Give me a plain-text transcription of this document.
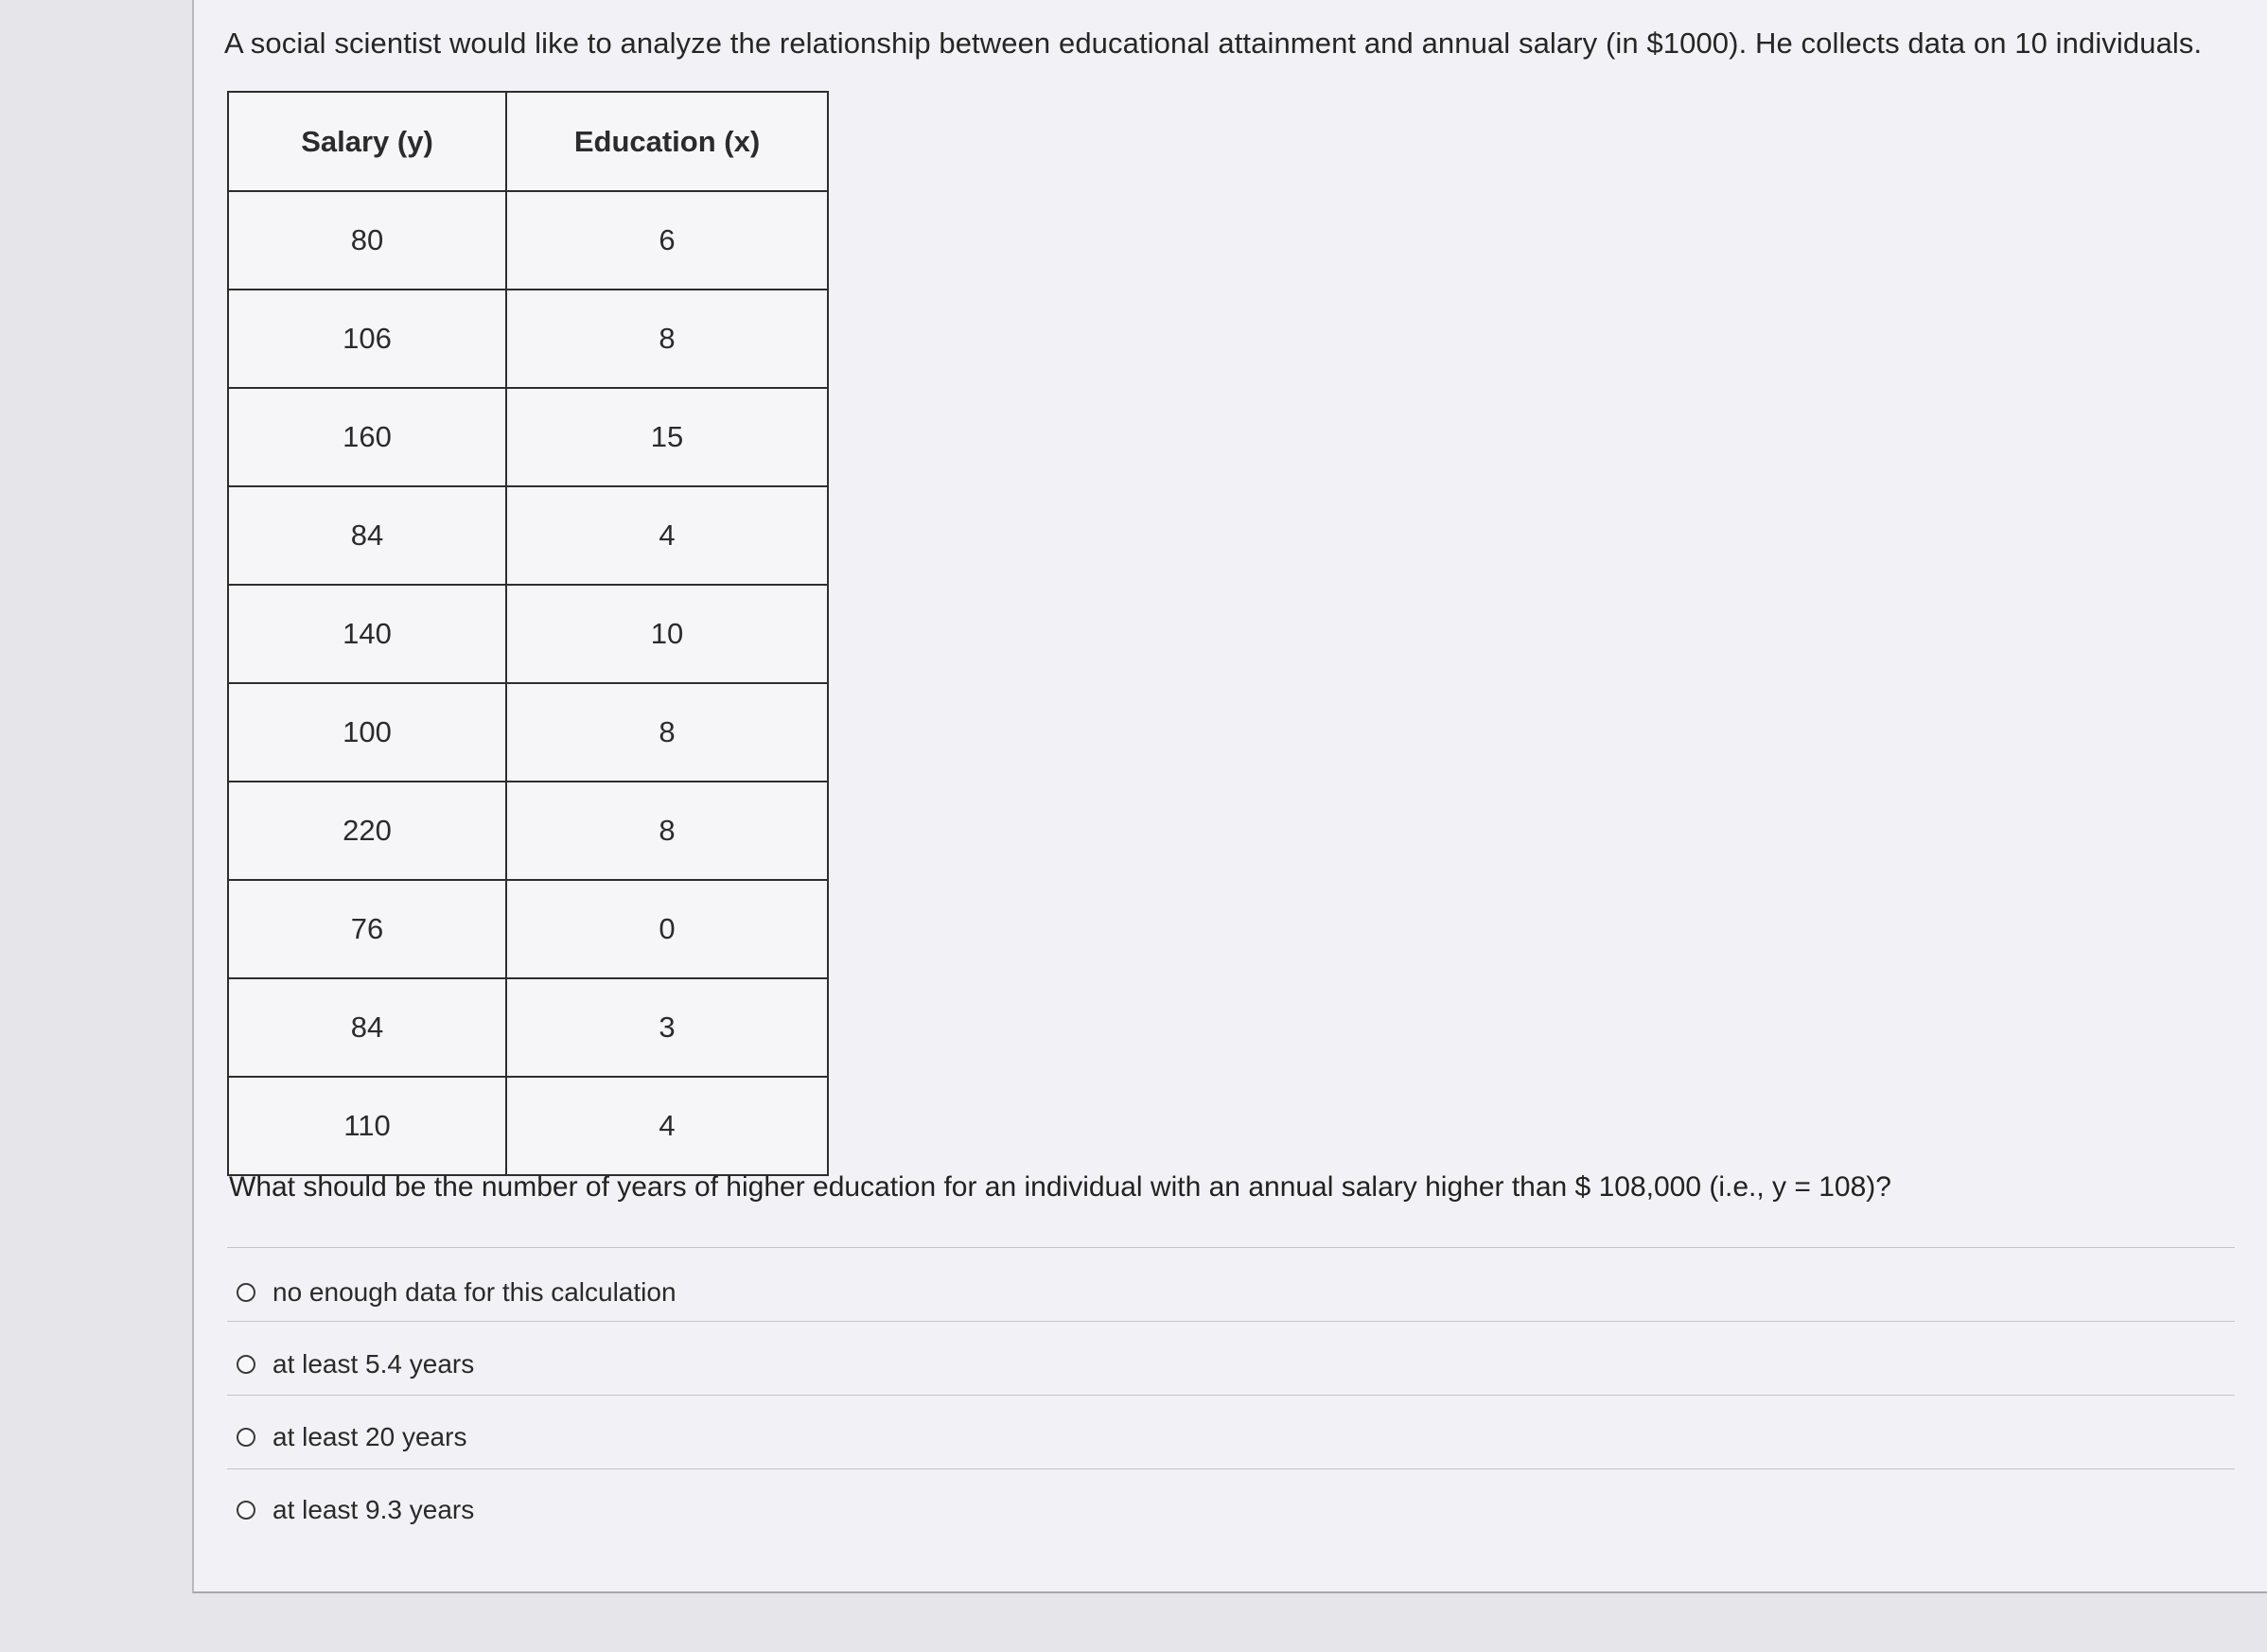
A social scientist would like to analyze the relationship between educational attainment and annual salary (in $1000). He collects data on 10 individuals.
Salary (y)	Education (x)
80	6
106	8
160	15
84	4
140	10
100	8
220	8
76	0
84	3
110	4
What should be the number of years of higher education for an individual with an annual salary higher than $ 108,000 (i.e., y = 108)?
no enough data for this calculation
at least 5.4 years
at least 20 years
at least 9.3 years
